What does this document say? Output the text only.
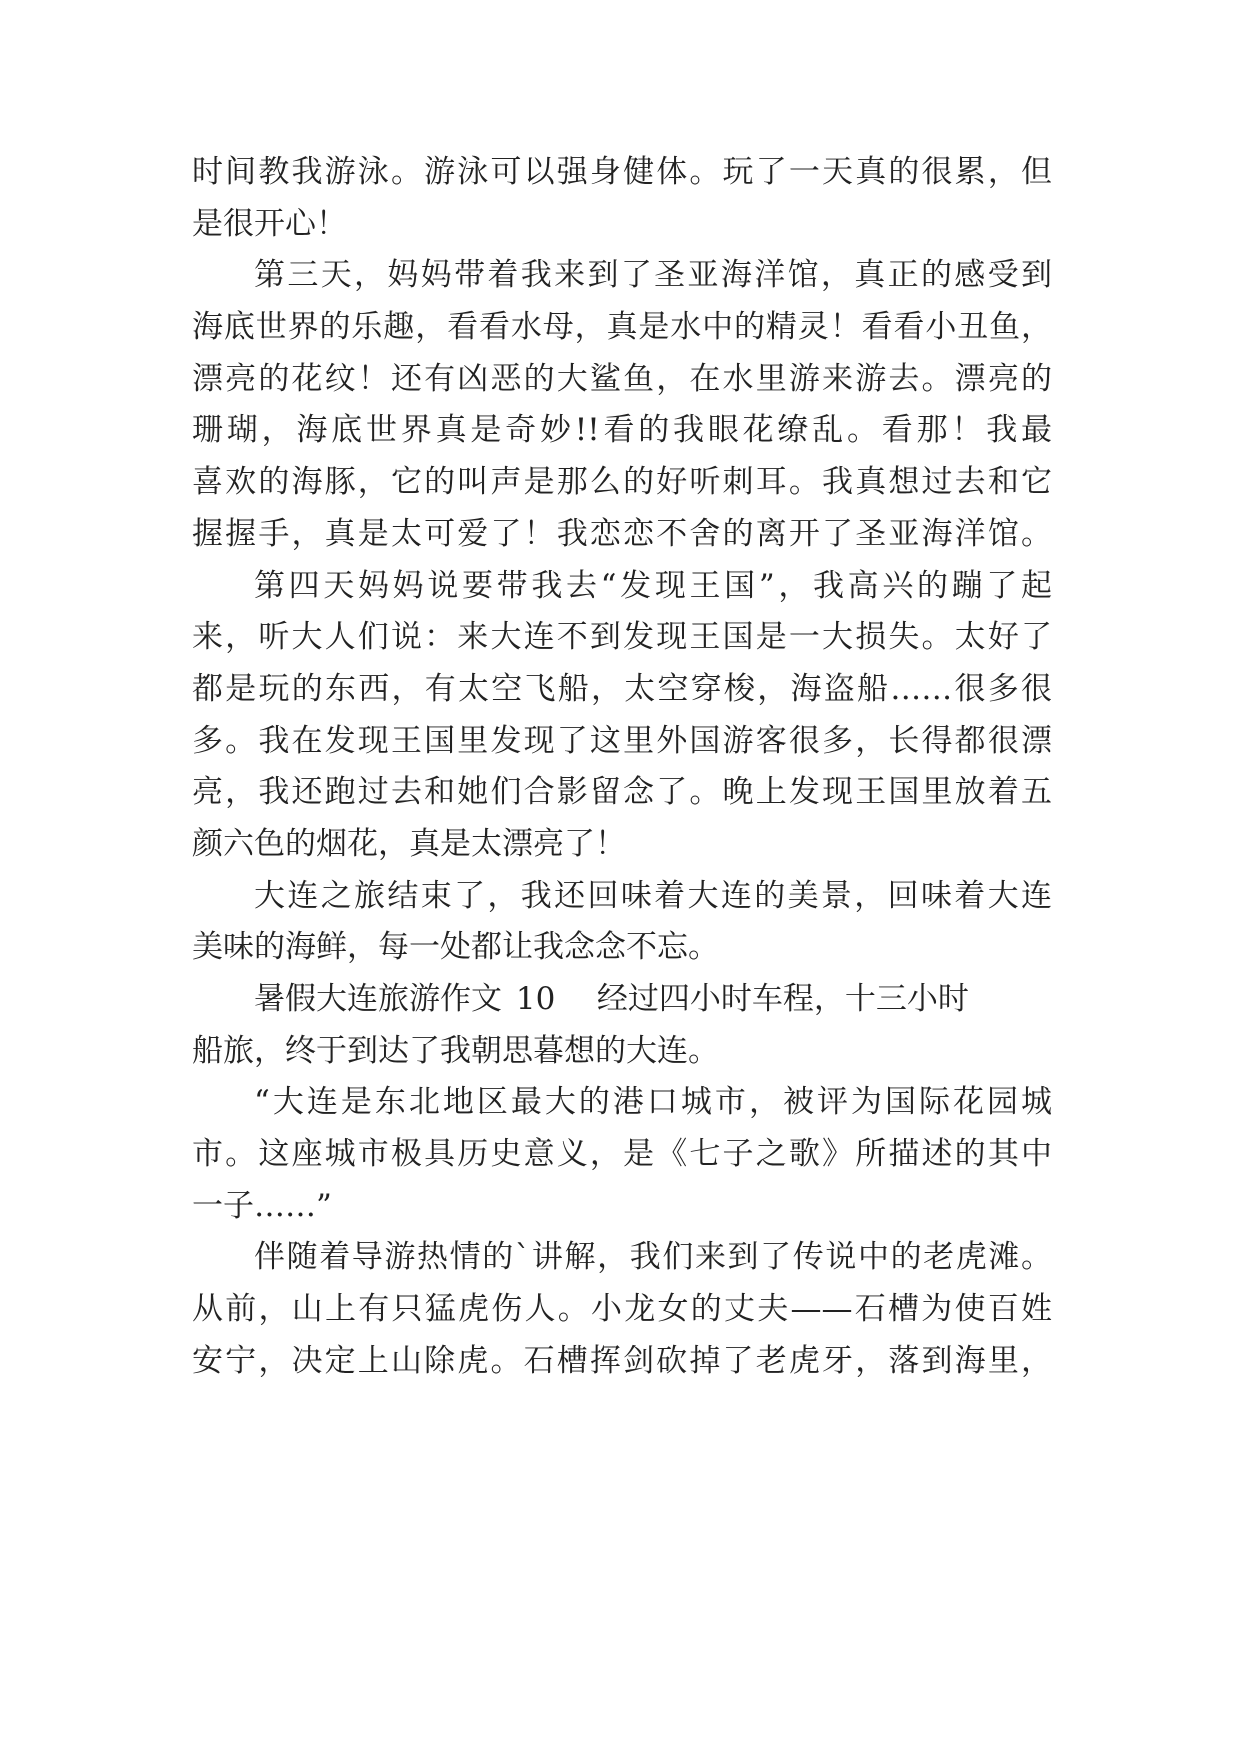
时间教我游泳。游泳可以强身健体。玩了一天真的很累，但
是很开心！
第三天，妈妈带着我来到了圣亚海洋馆，真正的感受到
海底世界的乐趣，看看水母，真是水中的精灵！看看小丑鱼，
漂亮的花纹！还有凶恶的大鲨鱼，在水里游来游去。漂亮的
珊瑚，海底世界真是奇妙!!看的我眼花缭乱。看那！我最
喜欢的海豚，它的叫声是那么的好听刺耳。我真想过去和它
握握手，真是太可爱了！我恋恋不舍的离开了圣亚海洋馆。
第四天妈妈说要带我去“发现王国”，我高兴的蹦了起
来，听大人们说：来大连不到发现王国是一大损失。太好了
都是玩的东西，有太空飞船，太空穿梭，海盗船……很多很
多。我在发现王国里发现了这里外国游客很多，长得都很漂
亮，我还跑过去和她们合影留念了。晚上发现王国里放着五
颜六色的烟花，真是太漂亮了！
大连之旅结束了，我还回味着大连的美景，回味着大连
美味的海鲜，每一处都让我念念不忘。
暑假大连旅游作文 10   经过四小时车程，十三小时
船旅，终于到达了我朝思暮想的大连。
“大连是东北地区最大的港口城市，被评为国际花园城
市。这座城市极具历史意义，是《七子之歌》所描述的其中
一子……”
伴随着导游热情的`讲解，我们来到了传说中的老虎滩。
从前，山上有只猛虎伤人。小龙女的丈夫——石槽为使百姓
安宁，决定上山除虎。石槽挥剑砍掉了老虎牙，落到海里，
